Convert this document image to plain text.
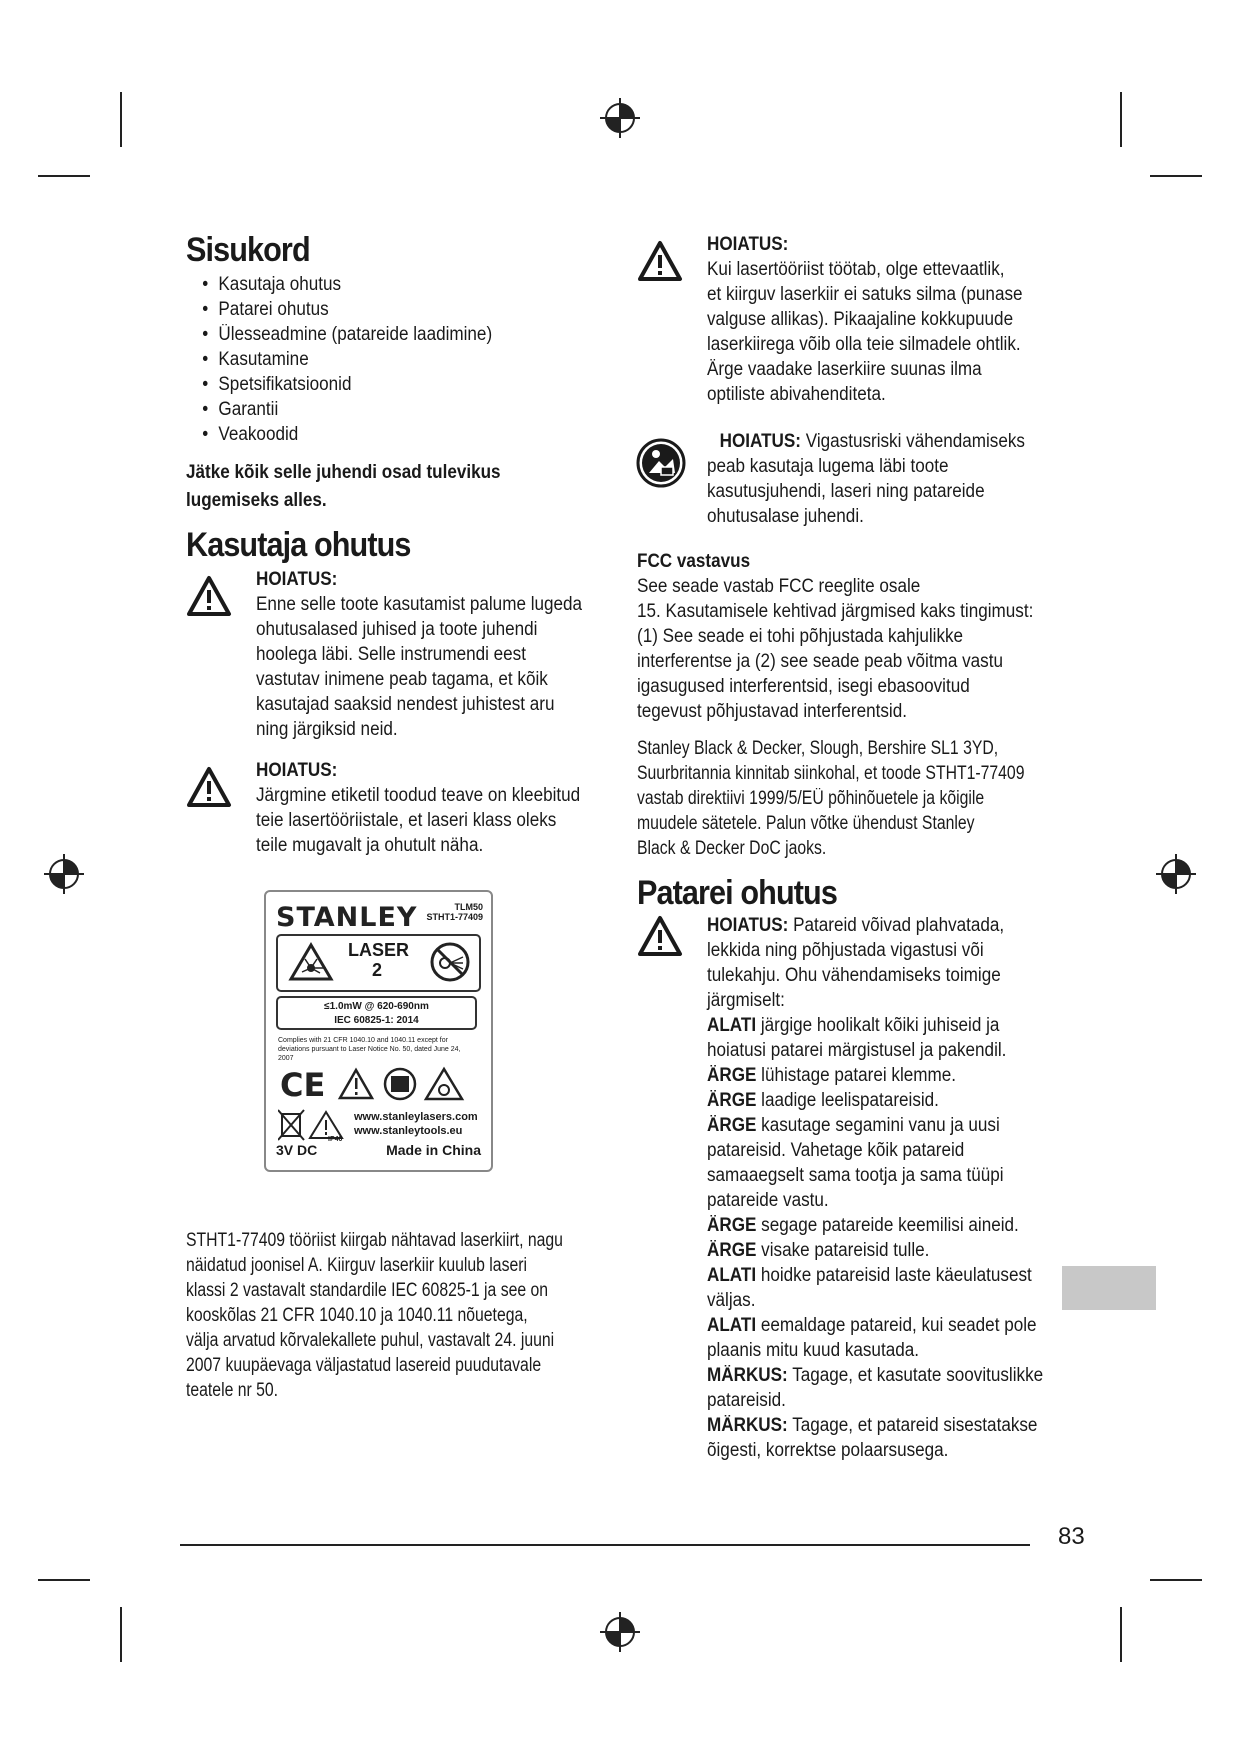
Sisukord
• Kasutaja ohutus
• Patarei ohutus
• Ülesseadmine (patareide laadimine)
• Kasutamine
• Spetsifikatsioonid
• Garantii
• Veakoodid

Jätke kõik selle juhendi osad tulevikus

lugemiseks alles.

Kasutaja ohutus

HOIATUS:

Enne selle toote kasutamist palume lugeda

ohutusalased juhised ja toote juhendi

hoolega läbi. Selle instrumendi eest

vastutav inimene peab tagama, et kõik

kasutajad saaksid nendest juhistest aru

ning järgiksid neid.

HOIATUS:

Järgmine etiketil toodud teave on kleebitud

teie lasertööriistale, et laseri klass oleks

teile mugavalt ja ohutult näha.

STANLEY	TLM50
STHT1-77409
LASER
2
≤1.0mW @ 620-690nm
IEC 60825-1: 2014
Complies with 21 CFR 1040.10 and 1040.11 except for deviations pursuant to Laser Notice No. 50, dated June 24, 2007
CE
www.stanleylasers.com
www.stanleytools.eu
IP40
3V DC	Made in China

STHT1-77409 tööriist kiirgab nähtavad laserkiirt, nagu

näidatud joonisel A. Kiirguv laserkiir kuulub laseri

klassi 2 vastavalt standardile IEC 60825-1 ja see on

kooskõlas 21 CFR 1040.10 ja 1040.11 nõuetega,

välja arvatud kõrvalekallete puhul, vastavalt 24. juuni

2007 kuupäevaga väljastatud lasereid puudutavale

teatele nr 50.

HOIATUS:

Kui lasertööriist töötab, olge ettevaatlik,

et kiirguv laserkiir ei satuks silma (punase

valguse allikas). Pikaajaline kokkupuude

laserkiirega võib olla teie silmadele ohtlik.

Ärge vaadake laserkiire suunas ilma

optiliste abivahenditeta.

HOIATUS: Vigastusriski vähendamiseks

peab kasutaja lugema läbi toote

kasutusjuhendi, laseri ning patareide

ohutusalase juhendi.

FCC vastavus

See seade vastab FCC reeglite osale

15. Kasutamisele kehtivad järgmised kaks tingimust:

(1) See seade ei tohi põhjustada kahjulikke

interferentse ja (2) see seade peab võitma vastu

igasugused interferentsid, isegi ebasoovitud

tegevust põhjustavad interferentsid.

Stanley Black & Decker, Slough, Bershire SL1 3YD,

Suurbritannia kinnitab siinkohal, et toode STHT1-77409

vastab direktiivi 1999/5/EÜ põhinõuetele ja kõigile

muudele sätetele. Palun võtke ühendust Stanley

Black & Decker DoC jaoks.

Patarei ohutus

HOIATUS: Patareid võivad plahvatada,

lekkida ning põhjustada vigastusi või

tulekahju. Ohu vähendamiseks toimige

järgmiselt:

ALATI järgige hoolikalt kõiki juhiseid ja

hoiatusi patarei märgistusel ja pakendil.

ÄRGE lühistage patarei klemme.

ÄRGE laadige leelispatareisid.

ÄRGE kasutage segamini vanu ja uusi

patareisid. Vahetage kõik patareid

samaaegselt sama tootja ja sama tüüpi

patareide vastu.

ÄRGE segage patareide keemilisi aineid.

ÄRGE visake patareisid tulle.

ALATI hoidke patareisid laste käeulatusest

väljas.

ALATI eemaldage patareid, kui seadet pole

plaanis mitu kuud kasutada.

MÄRKUS: Tagage, et kasutate soovituslikke

patareisid.

MÄRKUS: Tagage, et patareid sisestatakse

õigesti, korrektse polaarsusega.

83
